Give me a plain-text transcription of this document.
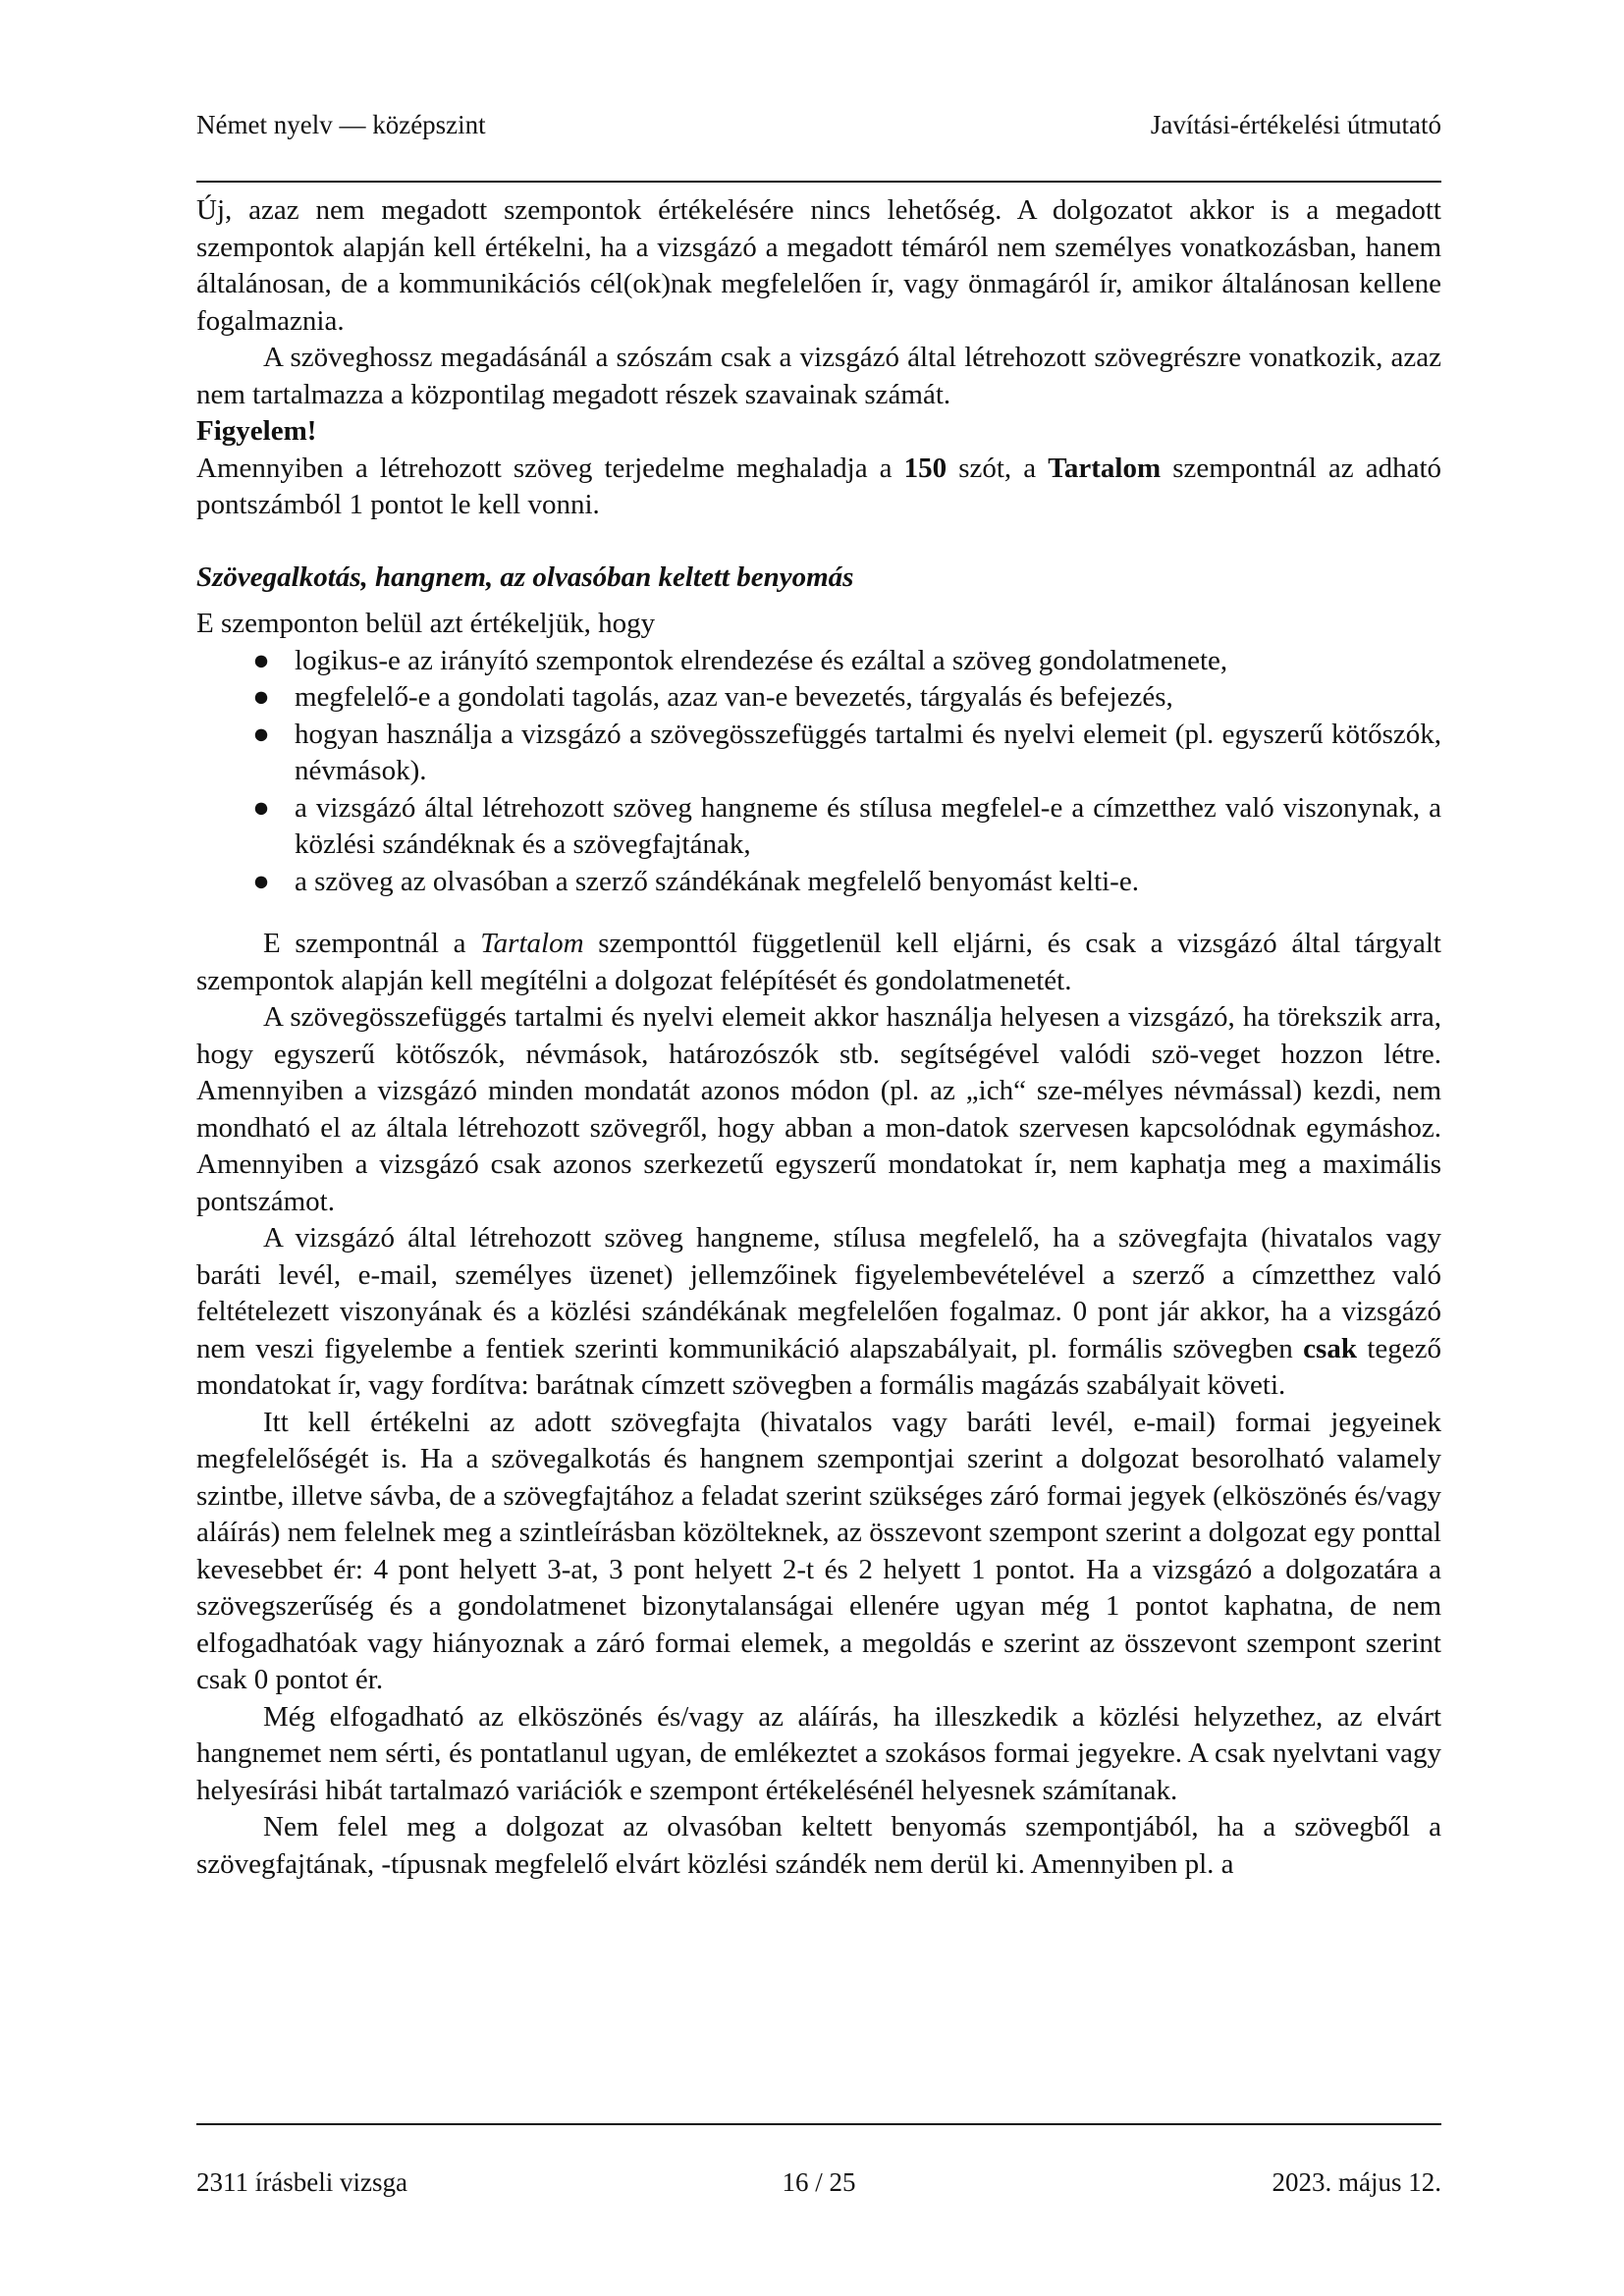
Német nyelv — középszint	Javítási-értékelési útmutató

Új, azaz nem megadott szempontok értékelésére nincs lehetőség. A dolgozatot akkor is a megadott szempontok alapján kell értékelni, ha a vizsgázó a megadott témáról nem személyes vonatkozásban, hanem általánosan, de a kommunikációs cél(ok)nak megfelelően ír, vagy önmagáról ír, amikor általánosan kellene fogalmaznia.

A szöveghossz megadásánál a szószám csak a vizsgázó által létrehozott szövegrészre vonatkozik, azaz nem tartalmazza a központilag megadott részek szavainak számát.

Figyelem!

Amennyiben a létrehozott szöveg terjedelme meghaladja a 150 szót, a Tartalom szempontnál az adható pontszámból 1 pontot le kell vonni.

Szövegalkotás, hangnem, az olvasóban keltett benyomás

E szemponton belül azt értékeljük, hogy

● logikus-e az irányító szempontok elrendezése és ezáltal a szöveg gondolatmenete,
● megfelelő-e a gondolati tagolás, azaz van-e bevezetés, tárgyalás és befejezés,
● hogyan használja a vizsgázó a szövegösszefüggés tartalmi és nyelvi elemeit (pl. egyszerű kötőszók, névmások).
● a vizsgázó által létrehozott szöveg hangneme és stílusa megfelel-e a címzetthez való viszonynak, a közlési szándéknak és a szövegfajtának,
● a szöveg az olvasóban a szerző szándékának megfelelő benyomást kelti-e.

E szempontnál a Tartalom szemponttól függetlenül kell eljárni, és csak a vizsgázó által tárgyalt szempontok alapján kell megítélni a dolgozat felépítését és gondolatmenetét.

A szövegösszefüggés tartalmi és nyelvi elemeit akkor használja helyesen a vizsgázó, ha törekszik arra, hogy egyszerű kötőszók, névmások, határozószók stb. segítségével valódi szö-veget hozzon létre. Amennyiben a vizsgázó minden mondatát azonos módon (pl. az „ich“ sze-mélyes névmással) kezdi, nem mondható el az általa létrehozott szövegről, hogy abban a mon-datok szervesen kapcsolódnak egymáshoz. Amennyiben a vizsgázó csak azonos szerkezetű egyszerű mondatokat ír, nem kaphatja meg a maximális pontszámot.

A vizsgázó által létrehozott szöveg hangneme, stílusa megfelelő, ha a szövegfajta (hivatalos vagy baráti levél, e-mail, személyes üzenet) jellemzőinek figyelembevételével a szerző a címzetthez való feltételezett viszonyának és a közlési szándékának megfelelően fogalmaz. 0 pont jár akkor, ha a vizsgázó nem veszi figyelembe a fentiek szerinti kommunikáció alapszabályait, pl. formális szövegben csak tegező mondatokat ír, vagy fordítva: barátnak címzett szövegben a formális magázás szabályait követi.

Itt kell értékelni az adott szövegfajta (hivatalos vagy baráti levél, e-mail) formai jegyeinek megfelelőségét is. Ha a szövegalkotás és hangnem szempontjai szerint a dolgozat besorolható valamely szintbe, illetve sávba, de a szövegfajtához a feladat szerint szükséges záró formai jegyek (elköszönés és/vagy aláírás) nem felelnek meg a szintleírásban közölteknek, az összevont szempont szerint a dolgozat egy ponttal kevesebbet ér: 4 pont helyett 3-at, 3 pont helyett 2-t és 2 helyett 1 pontot. Ha a vizsgázó a dolgozatára a szövegszerűség és a gondolatmenet bizonytalanságai ellenére ugyan még 1 pontot kaphatna, de nem elfogadhatóak vagy hiányoznak a záró formai elemek, a megoldás e szerint az összevont szempont szerint csak 0 pontot ér.

Még elfogadható az elköszönés és/vagy az aláírás, ha illeszkedik a közlési helyzethez, az elvárt hangnemet nem sérti, és pontatlanul ugyan, de emlékeztet a szokásos formai jegyekre. A csak nyelvtani vagy helyesírási hibát tartalmazó variációk e szempont értékelésénél helyesnek számítanak.

Nem felel meg a dolgozat az olvasóban keltett benyomás szempontjából, ha a szövegből a szövegfajtának, -típusnak megfelelő elvárt közlési szándék nem derül ki. Amennyiben pl. a

2311 írásbeli vizsga	16 / 25	2023. május 12.
